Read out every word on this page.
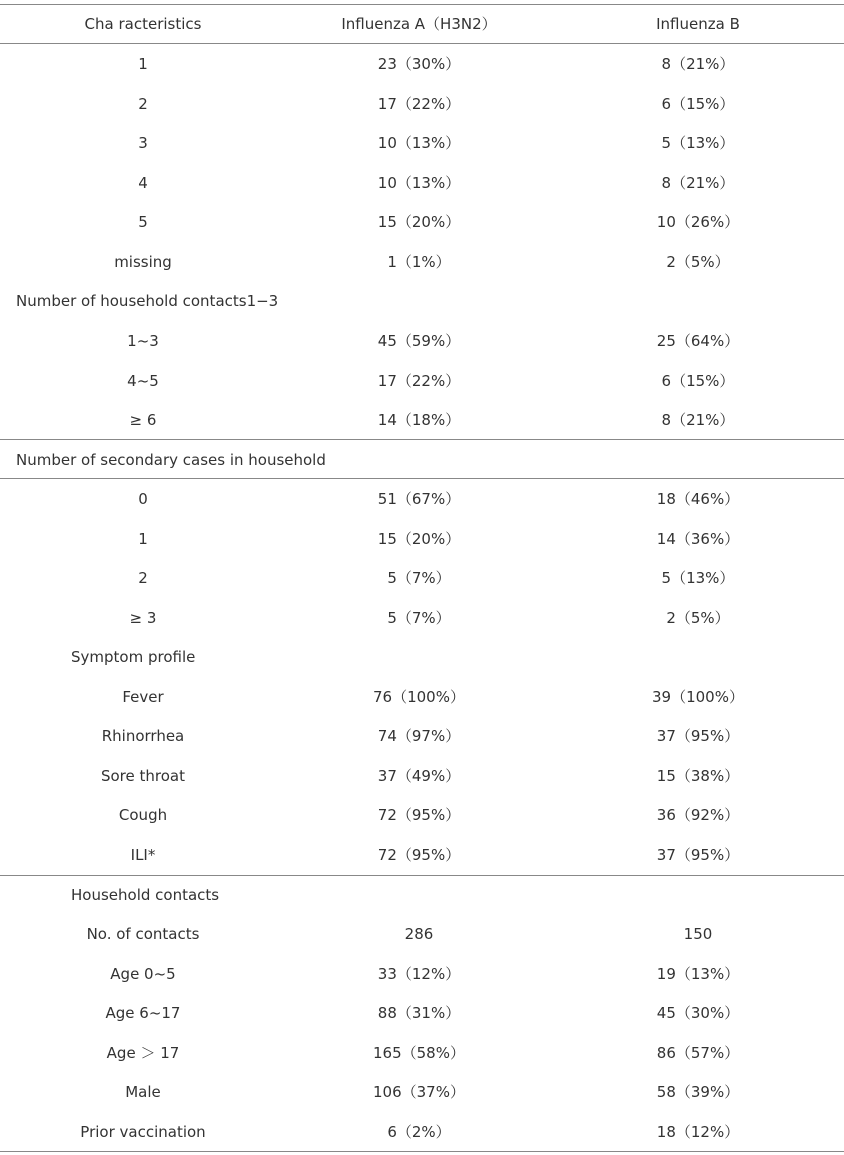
Cha racteristics	Influenza A（H3N2）	Influenza B
1	23（30%）	8（21%）
2	17（22%）	6（15%）
3	10（13%）	5（13%）
4	10（13%）	8（21%）
5	15（20%）	10（26%）
missing	1（1%）	2（5%）
Number of household contacts1−3
1~3	45（59%）	25（64%）
4~5	17（22%）	6（15%）
≥ 6	14（18%）	8（21%）
Number of secondary cases in household
0	51（67%）	18（46%）
1	15（20%）	14（36%）
2	5（7%）	5（13%）
≥ 3	5（7%）	2（5%）
Symptom profile
Fever	76（100%）	39（100%）
Rhinorrhea	74（97%）	37（95%）
Sore throat	37（49%）	15（38%）
Cough	72（95%）	36（92%）
ILI*	72（95%）	37（95%）
Household contacts
No. of contacts	286	150
Age 0~5	33（12%）	19（13%）
Age 6~17	88（31%）	45（30%）
Age ＞ 17	165（58%）	86（57%）
Male	106（37%）	58（39%）
Prior vaccination	6（2%）	18（12%）
